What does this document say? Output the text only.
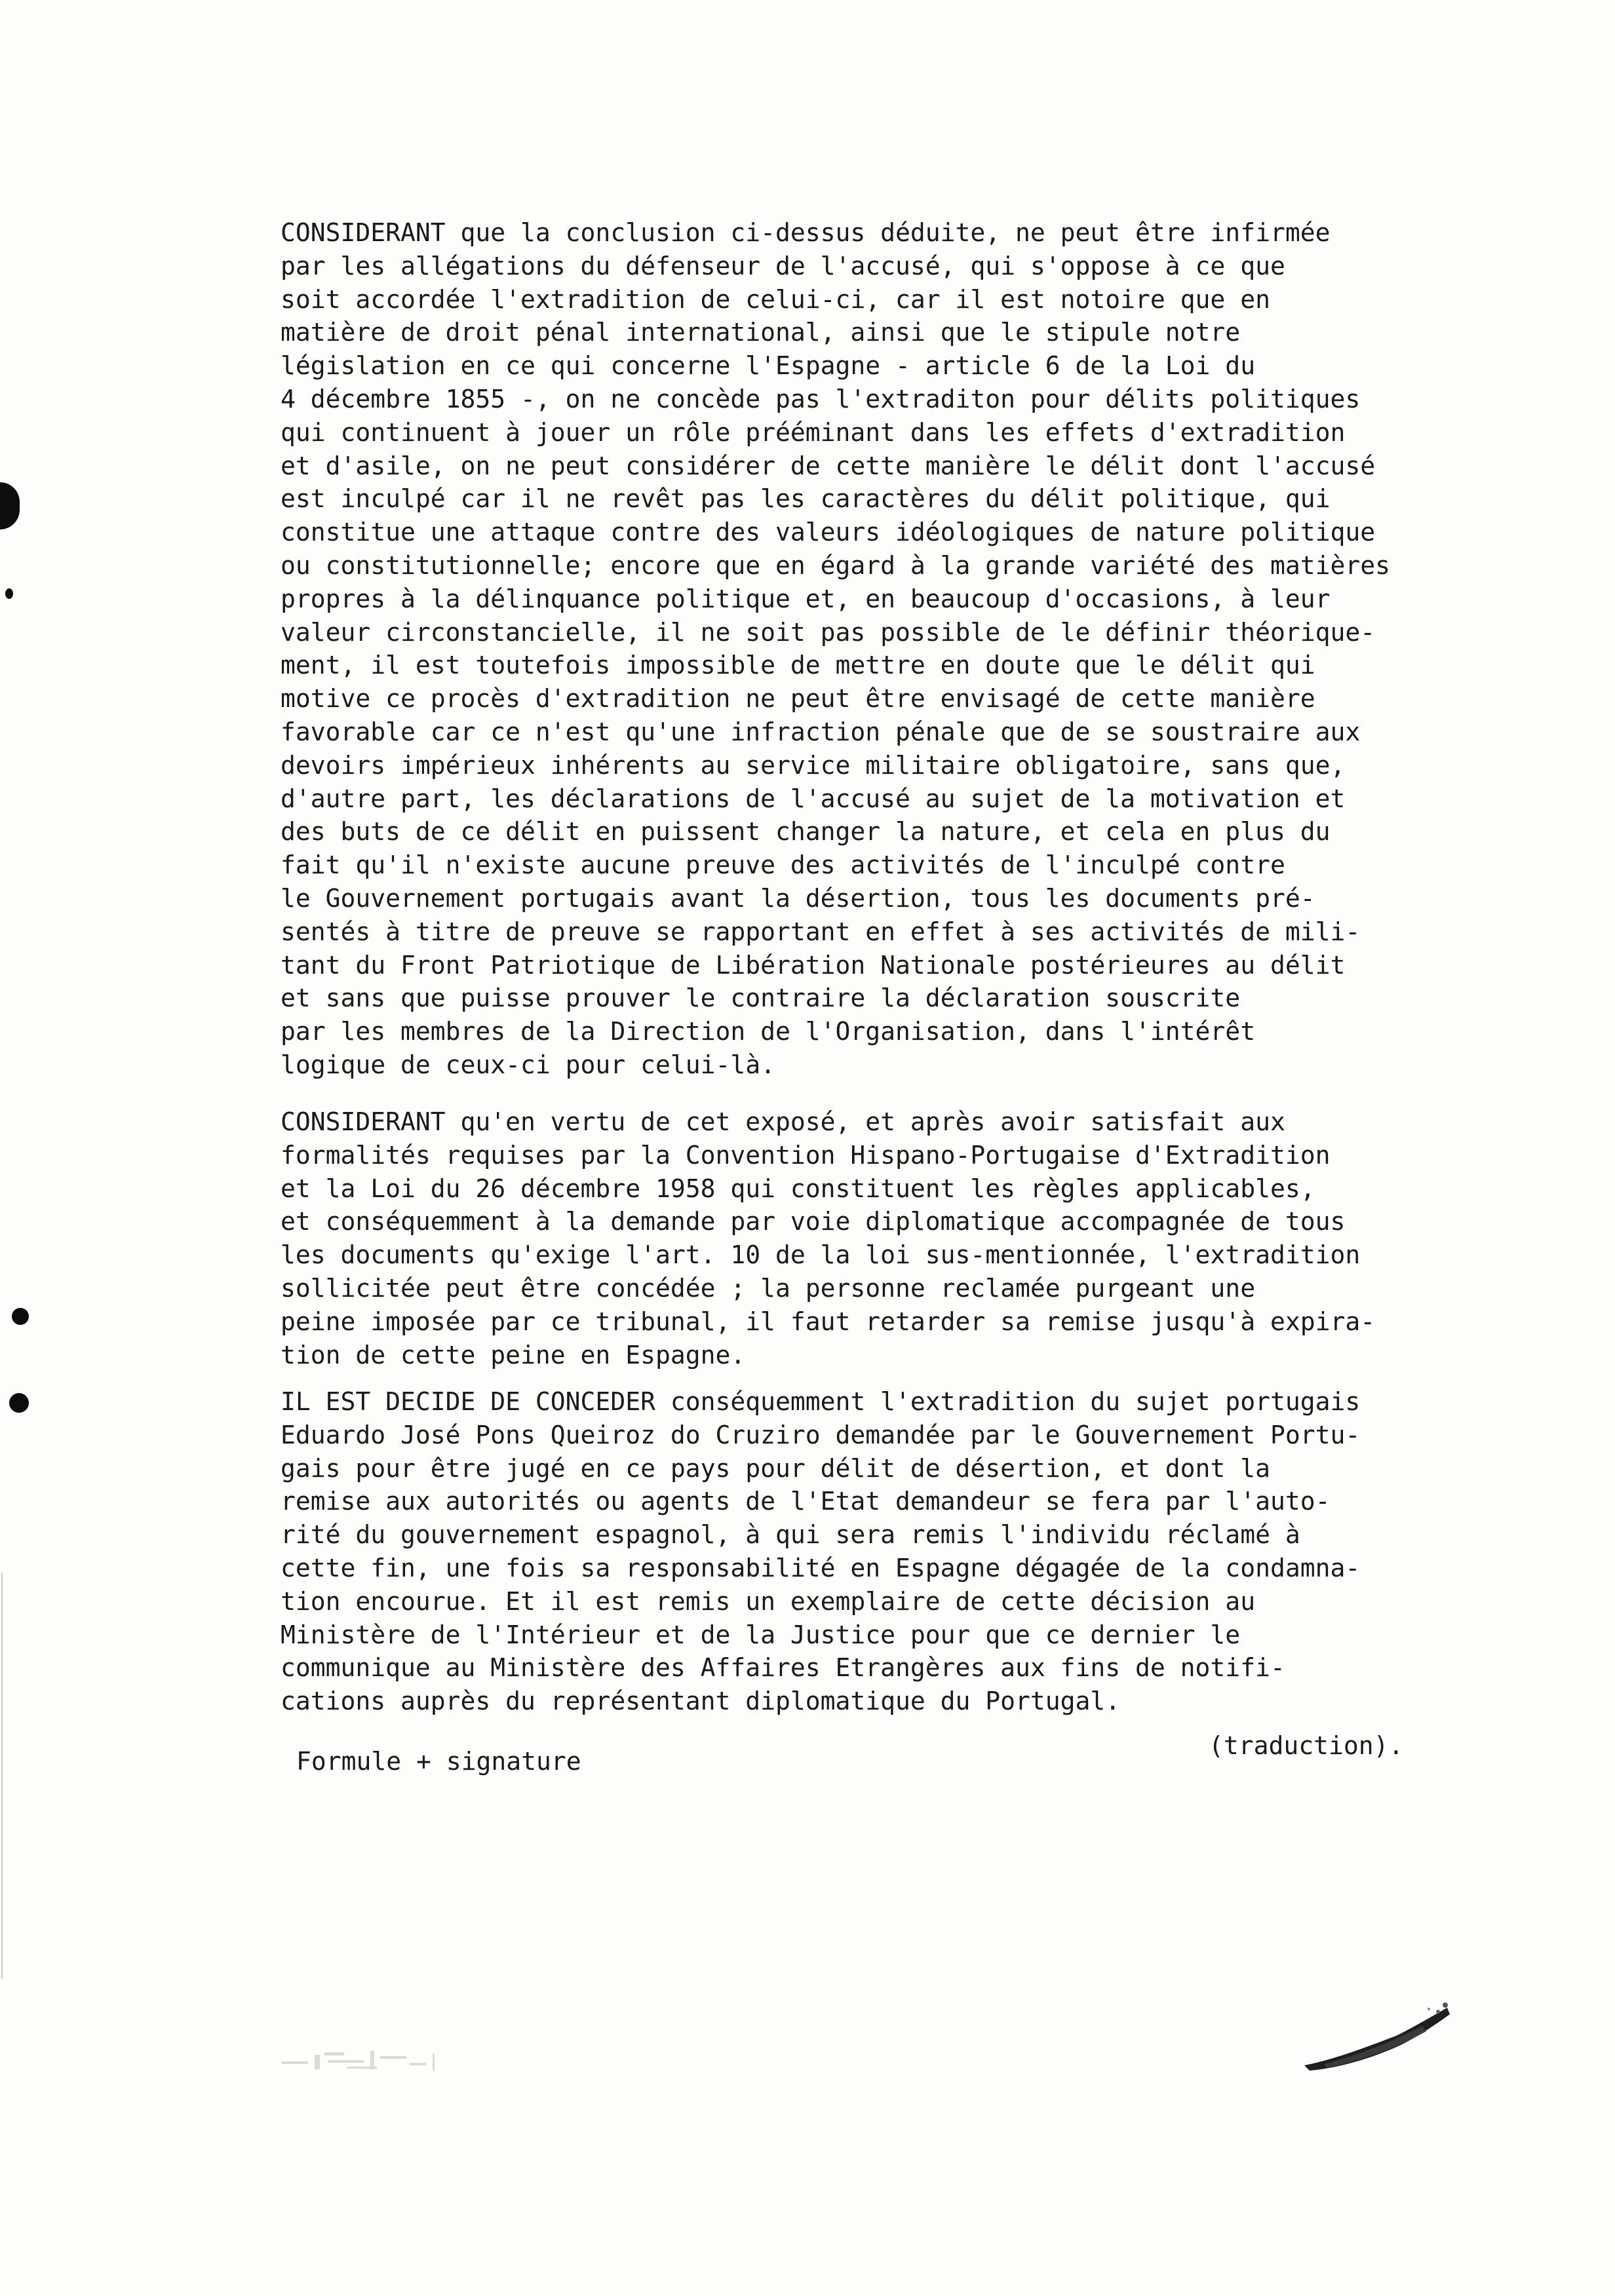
CONSIDERANT que la conclusion ci-dessus déduite, ne peut être infirmée
par les allégations du défenseur de l'accusé, qui s'oppose à ce que
soit accordée l'extradition de celui-ci, car il est notoire que en
matière de droit pénal international, ainsi que le stipule notre
législation en ce qui concerne l'Espagne - article 6 de la Loi du
4 décembre 1855 -, on ne concède pas l'extraditon pour délits politiques
qui continuent à jouer un rôle prééminant dans les effets d'extradition
et d'asile, on ne peut considérer de cette manière le délit dont l'accusé
est inculpé car il ne revêt pas les caractères du délit politique, qui
constitue une attaque contre des valeurs idéologiques de nature politique
ou constitutionnelle; encore que en égard à la grande variété des matières
propres à la délinquance politique et, en beaucoup d'occasions, à leur
valeur circonstancielle, il ne soit pas possible de le définir théorique-
ment, il est toutefois impossible de mettre en doute que le délit qui
motive ce procès d'extradition ne peut être envisagé de cette manière
favorable car ce n'est qu'une infraction pénale que de se soustraire aux
devoirs impérieux inhérents au service militaire obligatoire, sans que,
d'autre part, les déclarations de l'accusé au sujet de la motivation et
des buts de ce délit en puissent changer la nature, et cela en plus du
fait qu'il n'existe aucune preuve des activités de l'inculpé contre
le Gouvernement portugais avant la désertion, tous les documents pré-
sentés à titre de preuve se rapportant en effet à ses activités de mili-
tant du Front Patriotique de Libération Nationale postérieures au délit
et sans que puisse prouver le contraire la déclaration souscrite
par les membres de la Direction de l'Organisation, dans l'intérêt
logique de ceux-ci pour celui-là.
CONSIDERANT qu'en vertu de cet exposé, et après avoir satisfait aux
formalités requises par la Convention Hispano-Portugaise d'Extradition
et la Loi du 26 décembre 1958 qui constituent les règles applicables,
et conséquemment à la demande par voie diplomatique accompagnée de tous
les documents qu'exige l'art. 10 de la loi sus-mentionnée, l'extradition
sollicitée peut être concédée ; la personne reclamée purgeant une
peine imposée par ce tribunal, il faut retarder sa remise jusqu'à expira-
tion de cette peine en Espagne.
IL EST DECIDE DE CONCEDER conséquemment l'extradition du sujet portugais
Eduardo José Pons Queiroz do Cruziro demandée par le Gouvernement Portu-
gais pour être jugé en ce pays pour délit de désertion, et dont la
remise aux autorités ou agents de l'Etat demandeur se fera par l'auto-
rité du gouvernement espagnol, à qui sera remis l'individu réclamé à
cette fin, une fois sa responsabilité en Espagne dégagée de la condamna-
tion encourue. Et il est remis un exemplaire de cette décision au
Ministère de l'Intérieur et de la Justice pour que ce dernier le
communique au Ministère des Affaires Etrangères aux fins de notifi-
cations auprès du représentant diplomatique du Portugal.
Formule + signature
(traduction).
